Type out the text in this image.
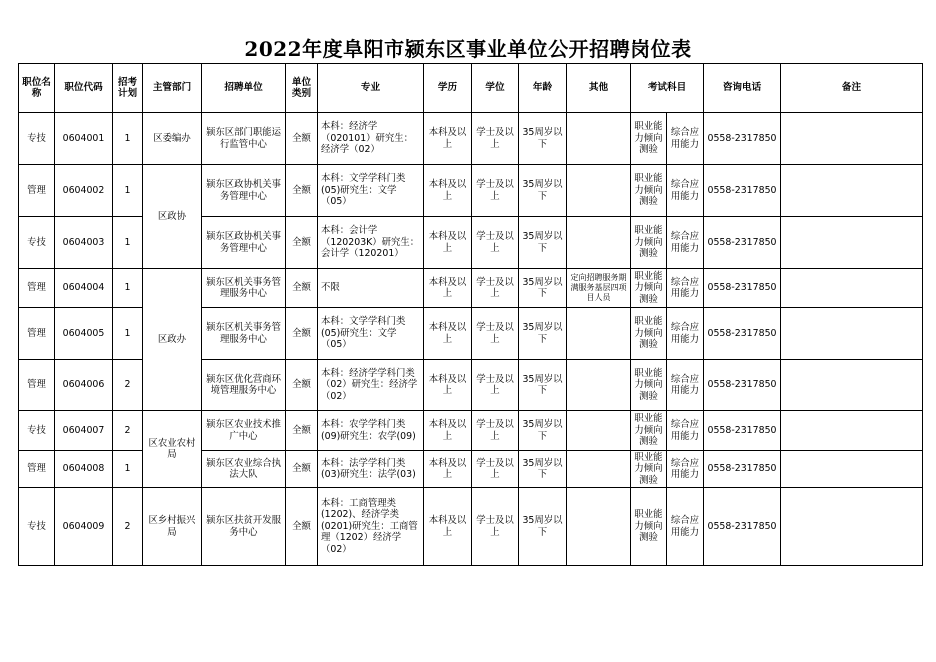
2022年度阜阳市颍东区事业单位公开招聘岗位表
职位名称	职位代码	招考计划	主管部门	招聘单位	单位类别	专业	学历	学位	年龄	其他	考试科目		咨询电话	备注
专技	0604001	1	区委编办	颍东区部门职能运行监管中心	全额	本科：经济学（020101）研究生：经济学（02）	本科及以上	学士及以上	35周岁以下		职业能力倾向测验	综合应用能力	0558-2317850	
管理	0604002	1	区政协	颍东区政协机关事务管理中心	全额	本科：文学学科门类(05)研究生：文学（05）	本科及以上	学士及以上	35周岁以下		职业能力倾向测验	综合应用能力	0558-2317850	
专技	0604003	1		颍东区政协机关事务管理中心	全额	本科：会计学（120203K）研究生：会计学（120201）	本科及以上	学士及以上	35周岁以下		职业能力倾向测验	综合应用能力	0558-2317850	
管理	0604004	1	区政办	颍东区机关事务管理服务中心	全额	不限	本科及以上	学士及以上	35周岁以下	定向招聘服务期满服务基层四项目人员	职业能力倾向测验	综合应用能力	0558-2317850	
管理	0604005	1		颍东区机关事务管理服务中心	全额	本科：文学学科门类(05)研究生：文学（05）	本科及以上	学士及以上	35周岁以下		职业能力倾向测验	综合应用能力	0558-2317850	
管理	0604006	2		颍东区优化营商环境管理服务中心	全额	本科：经济学学科门类（02）研究生：经济学（02）	本科及以上	学士及以上	35周岁以下		职业能力倾向测验	综合应用能力	0558-2317850	
专技	0604007	2	区农业农村局	颍东区农业技术推广中心	全额	本科：农学学科门类(09)研究生：农学(09)	本科及以上	学士及以上	35周岁以下		职业能力倾向测验	综合应用能力	0558-2317850	
管理	0604008	1		颍东区农业综合执法大队	全额	本科：法学学科门类(03)研究生：法学(03)	本科及以上	学士及以上	35周岁以下		职业能力倾向测验	综合应用能力	0558-2317850	
专技	0604009	2	区乡村振兴局	颍东区扶贫开发服务中心	全额	本科：工商管理类(1202)、经济学类(0201)研究生：工商管理（1202）经济学（02）	本科及以上	学士及以上	35周岁以下		职业能力倾向测验	综合应用能力	0558-2317850	
